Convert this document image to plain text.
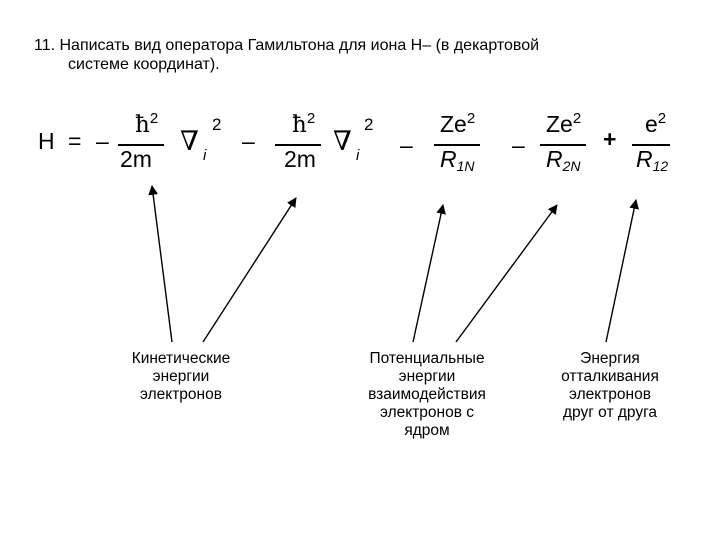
11. Написать вид оператора Гамильтона для иона H– (в декартовой
системе координат).
H = –
$ħ^2$
2m
∇
2
i
–
$ħ^2$
2m
∇
2
i –
Ze$^2$
$R_{1N}$
–
Ze$^2$
$R_{2N}$
+
$e^2$
$R_{12}$
Кинетические
энергии
электронов
Потенциальные
энергии
взаимодействия
электронов с
ядром
Энергия
отталкивания
электронов
друг от друга
